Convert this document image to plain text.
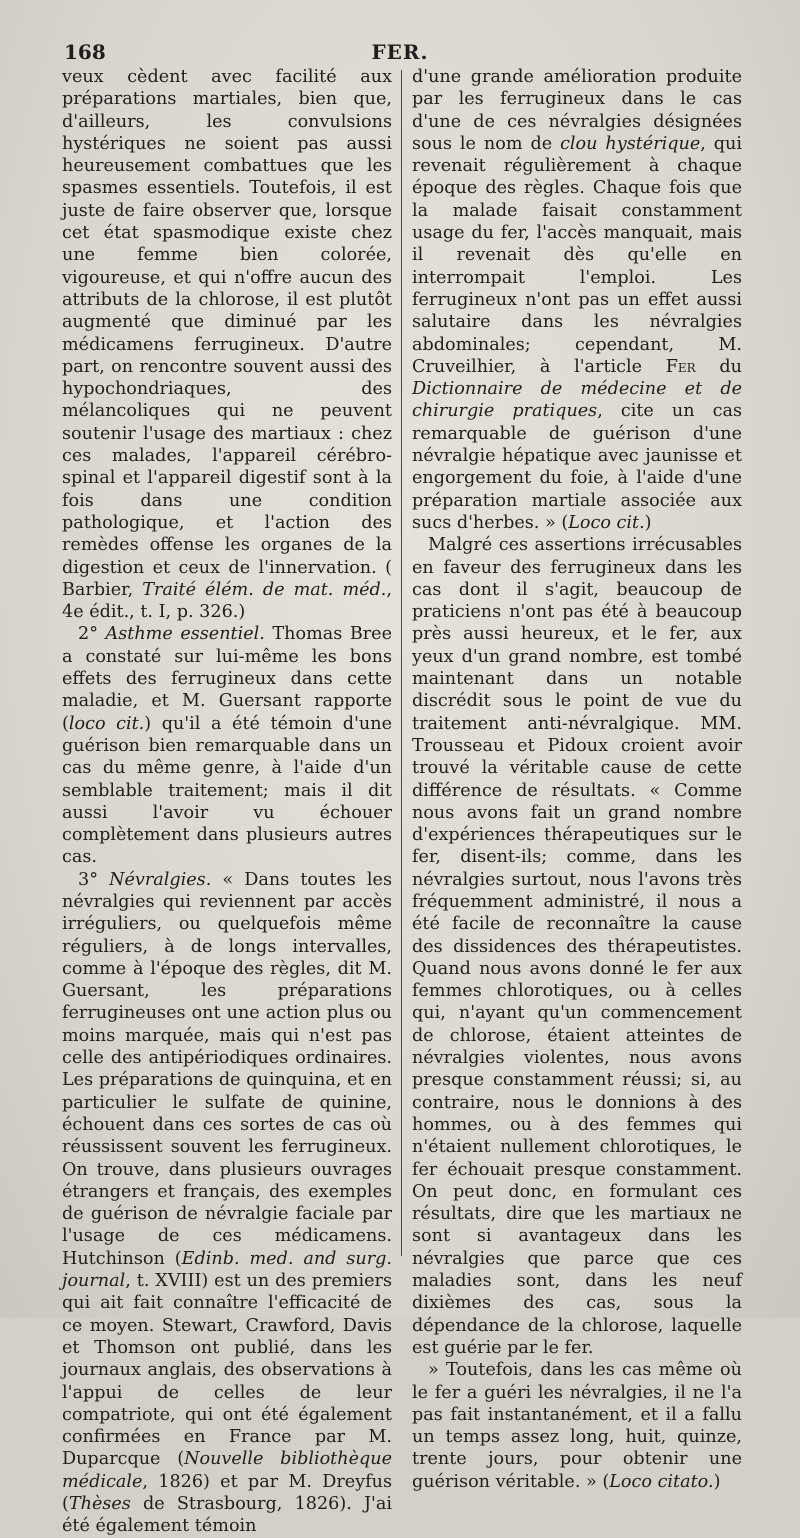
168	FER.

veux cèdent avec facilité aux préparations martiales, bien que, d'ailleurs, les convulsions hystériques ne soient pas aussi heureusement combattues que les spasmes essentiels. Toutefois, il est juste de faire observer que, lorsque cet état spasmodique existe chez une femme bien colorée, vigoureuse, et qui n'offre aucun des attributs de la chlorose, il est plutôt augmenté que diminué par les médicamens ferrugineux. D'autre part, on rencontre souvent aussi des hypochondriaques, des mélancoliques qui ne peuvent soutenir l'usage des martiaux : chez ces malades, l'appareil cérébro-spinal et l'appareil digestif sont à la fois dans une condition pathologique, et l'action des remèdes offense les organes de la digestion et ceux de l'innervation. ( Barbier, Traité élém. de mat. méd., 4e édit., t. I, p. 326.)

2° Asthme essentiel. Thomas Bree a constaté sur lui-même les bons effets des ferrugineux dans cette maladie, et M. Guersant rapporte (loco cit.) qu'il a été témoin d'une guérison bien remarquable dans un cas du même genre, à l'aide d'un semblable traitement; mais il dit aussi l'avoir vu échouer complètement dans plusieurs autres cas.

3° Névralgies. « Dans toutes les névralgies qui reviennent par accès irréguliers, ou quelquefois même réguliers, à de longs intervalles, comme à l'époque des règles, dit M. Guersant, les préparations ferrugineuses ont une action plus ou moins marquée, mais qui n'est pas celle des antipériodiques ordinaires. Les préparations de quinquina, et en particulier le sulfate de quinine, échouent dans ces sortes de cas où réussissent souvent les ferrugineux. On trouve, dans plusieurs ouvrages étrangers et français, des exemples de guérison de névralgie faciale par l'usage de ces médicamens. Hutchinson (Edinb. med. and surg. journal, t. XVIII) est un des premiers qui ait fait connaître l'efficacité de ce moyen. Stewart, Crawford, Davis et Thomson ont publié, dans les journaux anglais, des observations à l'appui de celles de leur compatriote, qui ont été également confirmées en France par M. Duparcque (Nouvelle bibliothèque médicale, 1826) et par M. Dreyfus (Thèses de Strasbourg, 1826). J'ai été également témoin

d'une grande amélioration produite par les ferrugineux dans le cas d'une de ces névralgies désignées sous le nom de clou hystérique, qui revenait régulièrement à chaque époque des règles. Chaque fois que la malade faisait constamment usage du fer, l'accès manquait, mais il revenait dès qu'elle en interrompait l'emploi. Les ferrugineux n'ont pas un effet aussi salutaire dans les névralgies abdominales; cependant, M. Cruveilhier, à l'article Fer du Dictionnaire de médecine et de chirurgie pratiques, cite un cas remarquable de guérison d'une névralgie hépatique avec jaunisse et engorgement du foie, à l'aide d'une préparation martiale associée aux sucs d'herbes. » (Loco cit.)

Malgré ces assertions irrécusables en faveur des ferrugineux dans les cas dont il s'agit, beaucoup de praticiens n'ont pas été à beaucoup près aussi heureux, et le fer, aux yeux d'un grand nombre, est tombé maintenant dans un notable discrédit sous le point de vue du traitement anti-névralgique. MM. Trousseau et Pidoux croient avoir trouvé la véritable cause de cette différence de résultats. « Comme nous avons fait un grand nombre d'expériences thérapeutiques sur le fer, disent-ils; comme, dans les névralgies surtout, nous l'avons très fréquemment administré, il nous a été facile de reconnaître la cause des dissidences des thérapeutistes. Quand nous avons donné le fer aux femmes chlorotiques, ou à celles qui, n'ayant qu'un commencement de chlorose, étaient atteintes de névralgies violentes, nous avons presque constamment réussi; si, au contraire, nous le donnions à des hommes, ou à des femmes qui n'étaient nullement chlorotiques, le fer échouait presque constamment. On peut donc, en formulant ces résultats, dire que les martiaux ne sont si avantageux dans les névralgies que parce que ces maladies sont, dans les neuf dixièmes des cas, sous la dépendance de la chlorose, laquelle est guérie par le fer.

» Toutefois, dans les cas même où le fer a guéri les névralgies, il ne l'a pas fait instantanément, et il a fallu un temps assez long, huit, quinze, trente jours, pour obtenir une guérison véritable. » (Loco citato.)
